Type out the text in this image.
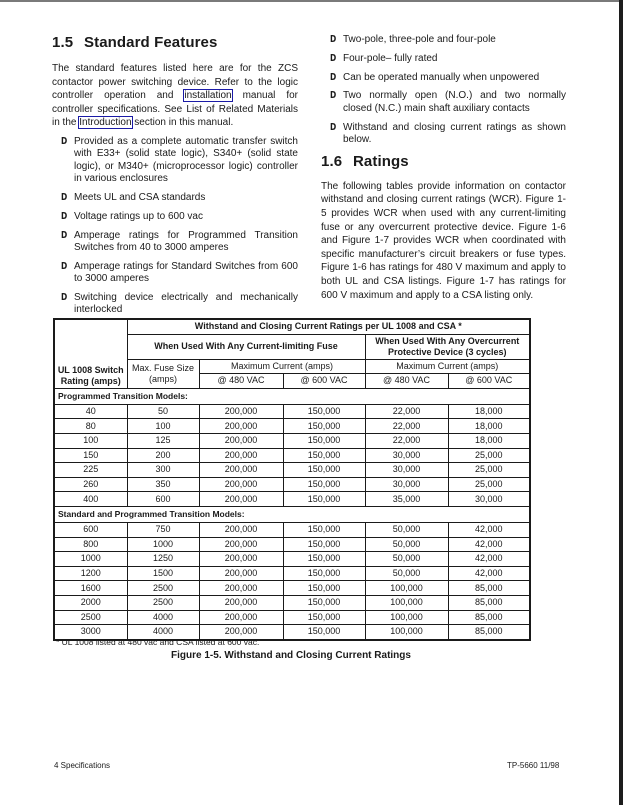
1.5 Standard Features

The standard features listed here are for the ZCS contactor power switching device. Refer to the logic controller operation and installation manual for controller specifications. See List of Related Materials in the Introduction section in this manual.

D Provided as a complete automatic transfer switch with E33+ (solid state logic), S340+ (solid state logic), or M340+ (microprocessor logic) controller in various enclosures
D Meets UL and CSA standards
D Voltage ratings up to 600 vac
D Amperage ratings for Programmed Transition Switches from 40 to 3000 amperes
D Amperage ratings for Standard Switches from 600 to 3000 amperes
D Switching device electrically and mechanically interlocked
D Two-pole, three-pole and four-pole
D Four-pole– fully rated
D Can be operated manually when unpowered
D Two normally open (N.O.) and two normally closed (N.C.) main shaft auxiliary contacts
D Withstand and closing current ratings as shown below.
1.6 Ratings

The following tables provide information on contactor withstand and closing current ratings (WCR). Figure 1-5 provides WCR when used with any current-limiting fuse or any overcurrent protective device. Figure 1-6 and Figure 1-7 provides WCR when coordinated with specific manufacturer’s circuit breakers or fuse types. Figure 1-6 has ratings for 480 V maximum and apply to both UL and CSA listings. Figure 1-7 has ratings for 600 V maximum and apply to a CSA listing only.

UL 1008 Switch Rating (amps)	Withstand and Closing Current Ratings per UL 1008 and CSA *				
	When Used With Any Current-limiting Fuse			When Used With Any Overcurrent Protective Device (3 cycles)	
	Max. Fuse Size (amps)	Maximum Current (amps)		Maximum Current (amps)	
		@ 480 VAC	@ 600 VAC	@ 480 VAC	@ 600 VAC
Programmed Transition Models:					
40	50	200,000	150,000	22,000	18,000
80	100	200,000	150,000	22,000	18,000
100	125	200,000	150,000	22,000	18,000
150	200	200,000	150,000	30,000	25,000
225	300	200,000	150,000	30,000	25,000
260	350	200,000	150,000	30,000	25,000
400	600	200,000	150,000	35,000	30,000
Standard and Programmed Transition Models:					
600	750	200,000	150,000	50,000	42,000
800	1000	200,000	150,000	50,000	42,000
1000	1250	200,000	150,000	50,000	42,000
1200	1500	200,000	150,000	50,000	42,000
1600	2500	200,000	150,000	100,000	85,000
2000	2500	200,000	150,000	100,000	85,000
2500	4000	200,000	150,000	100,000	85,000
3000	4000	200,000	150,000	100,000	85,000
* UL 1008 listed at 480 vac and CSA listed at 600 vac.
Figure 1-5. Withstand and Closing Current Ratings
4 Specifications	TP-5660 11/98
